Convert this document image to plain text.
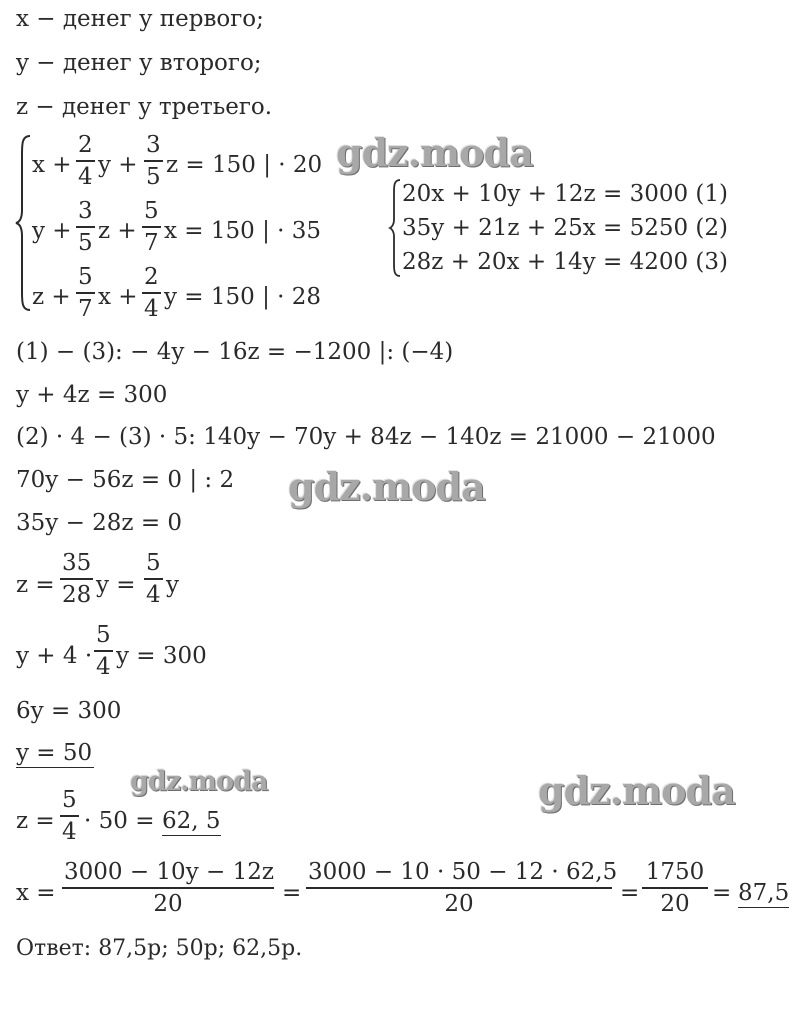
x − денег у первого;
y − денег у второго;
z − денег у третьего.
x +
2
4 y +
3
5 z = 150 | · 20
y +
3
5 z +
5
7 x = 150 | · 35
z +
5
7 x +
2
4 y = 150 | · 28
20x + 10y + 12z = 3000 (1)
35y + 21z + 25x = 5250 (2)
28z + 20x + 14y = 4200 (3)
(1) − (3): − 4y − 16z = −1200 |: (−4)
y + 4z = 300
(2) · 4 − (3) · 5: 140y − 70y + 84z − 140z = 21000 − 21000
70y − 56z = 0 | : 2
35y − 28z = 0
z =
35
28 y =
5
4 y
y + 4 ·
5
4 y = 300
6y = 300
y = 50
z =
5
4 · 50 = 62, 5
x =
3000 − 10y − 12z
20	=
3000 − 10 · 50 − 12 · 62,5
20	=
1750
20 = 87,5
Ответ: 87,5р; 50р; 62,5р.
gdz.moda
gdz.moda
gdz.moda	gdz.moda
